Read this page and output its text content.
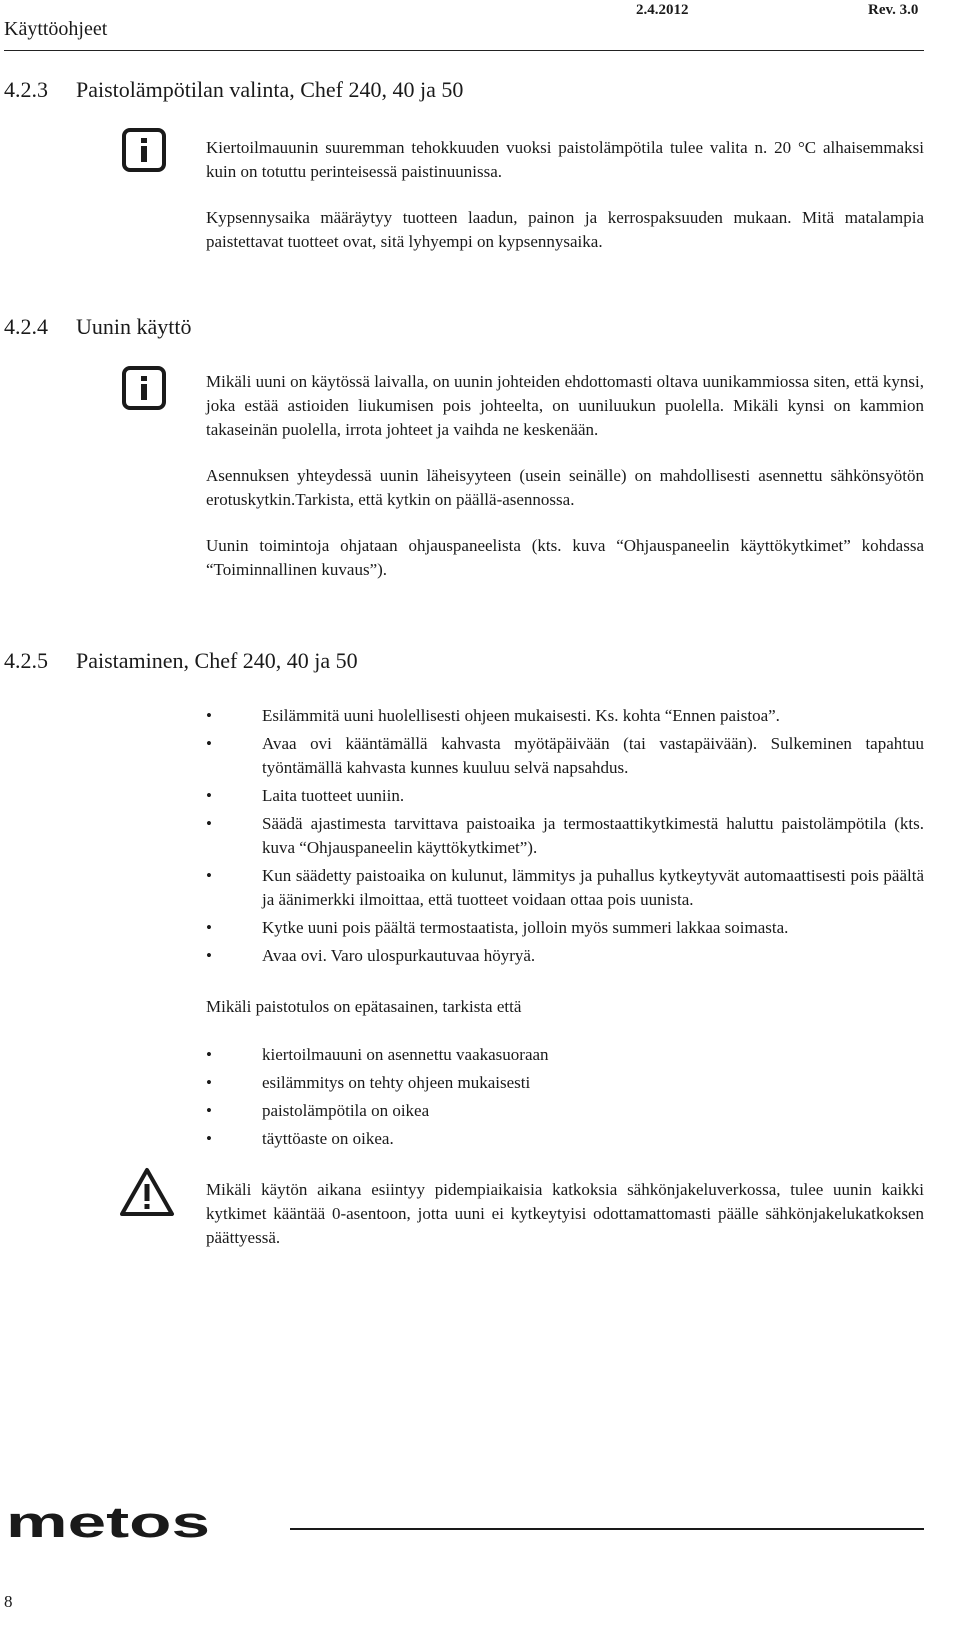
Käyttöohjeet
2.4.2012	Rev. 3.0
4.2.3 Paistolämpötilan valinta, Chef 240, 40 ja 50

Kiertoilmauunin suuremman tehokkuuden vuoksi paistolämpötila tulee valita n. 20 °C alhaisemmaksi kuin on totuttu perinteisessä paistinuunissa.

Kypsennysaika määräytyy tuotteen laadun, painon ja kerrospaksuuden mukaan. Mitä matalampia paistettavat tuotteet ovat, sitä lyhyempi on kypsennysaika.

4.2.4 Uunin käyttö

Mikäli uuni on käytössä laivalla, on uunin johteiden ehdottomasti oltava uunikammiossa siten, että kynsi, joka estää astioiden liukumisen pois johteelta, on uuniluukun puolella. Mikäli kynsi on kammion takaseinän puolella, irrota johteet ja vaihda ne keskenään.

Asennuksen yhteydessä uunin läheisyyteen (usein seinälle) on mahdollisesti asennettu sähkönsyötön erotuskytkin.Tarkista, että kytkin on päällä-asennossa.

Uunin toimintoja ohjataan ohjauspaneelista (kts. kuva “Ohjauspaneelin käyttökytkimet” kohdassa “Toiminnallinen kuvaus”).

4.2.5 Paistaminen, Chef 240, 40 ja 50
•	Esilämmitä uuni huolellisesti ohjeen mukaisesti. Ks. kohta “Ennen paistoa”.
•	Avaa ovi kääntämällä kahvasta myötäpäivään (tai vastapäivään). Sulkeminen tapahtuu työntämällä kahvasta kunnes kuuluu selvä napsahdus.
•	Laita tuotteet uuniin.
•	Säädä ajastimesta tarvittava paistoaika ja termostaattikytkimestä haluttu paistolämpötila (kts. kuva “Ohjauspaneelin käyttökytkimet”).
•	Kun säädetty paistoaika on kulunut, lämmitys ja puhallus kytkeytyvät automaattisesti pois päältä ja äänimerkki ilmoittaa, että tuotteet voidaan ottaa pois uunista.
•	Kytke uuni pois päältä termostaatista, jolloin myös summeri lakkaa soimasta.
•	Avaa ovi. Varo ulospurkautuvaa höyryä.
Mikäli paistotulos on epätasainen, tarkista että
•	kiertoilmauuni on asennettu vaakasuoraan
•	esilämmitys on tehty ohjeen mukaisesti
•	paistolämpötila on oikea
•	täyttöaste on oikea.
Mikäli käytön aikana esiintyy pidempiaikaisia katkoksia sähkönjakeluverkossa, tulee uunin kaikki kytkimet kääntää 0-asentoon, jotta uuni ei kytkeytyisi odottamattomasti päälle sähkönjakelukatkoksen päättyessä.
metos
8
